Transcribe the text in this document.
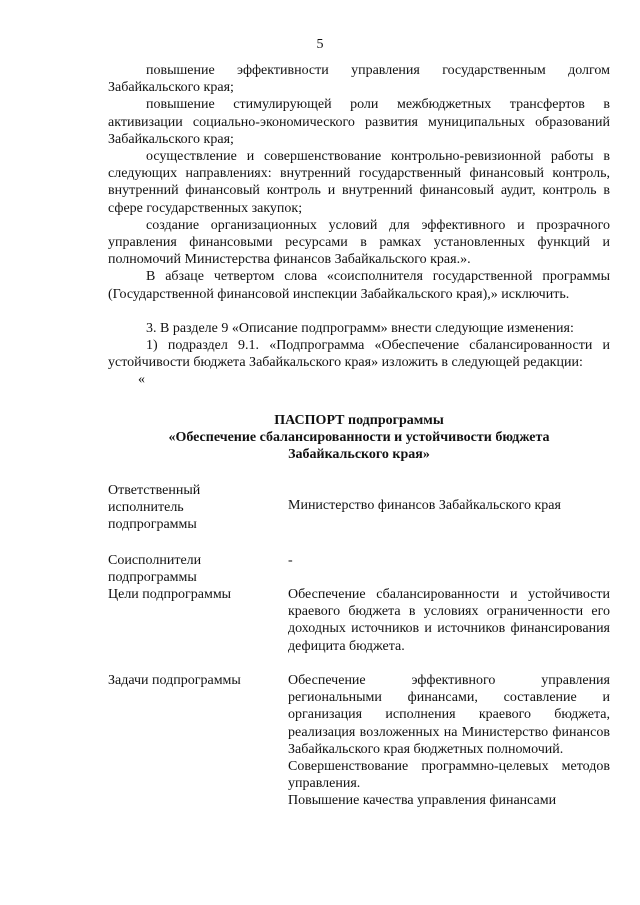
5

повышение эффективности управления государственным долгом Забайкальского края;

повышение стимулирующей роли межбюджетных трансфертов в активизации социально-экономического развития муниципальных образований Забайкальского края;

осуществление и совершенствование контрольно-ревизионной работы в следующих направлениях: внутренний государственный финансовый контроль, внутренний финансовый контроль и внутренний финансовый аудит, контроль в сфере государственных закупок;

создание организационных условий для эффективного и прозрачного управления финансовыми ресурсами в рамках установленных функций и полномочий Министерства финансов Забайкальского края.».

В абзаце четвертом слова «соисполнителя государственной программы (Государственной финансовой инспекции Забайкальского края),» исключить.

3. В разделе 9 «Описание подпрограмм» внести следующие изменения:

1) подраздел 9.1. «Подпрограмма «Обеспечение сбалансированности и устойчивости бюджета Забайкальского края» изложить в следующей редакции:

«

ПАСПОРТ подпрограммы

«Обеспечение сбалансированности и устойчивости бюджета

Забайкальского края»

Ответственный исполнитель подпрограммы
Министерство финансов Забайкальского края
Соисполнители подпрограммы
-
Цели подпрограммы	Обеспечение сбалансированности и устойчивости краевого бюджета в условиях ограниченности его доходных источников и источников финансирования дефицита бюджета.
Задачи подпрограммы	Обеспечение эффективного управления региональными финансами, составление и организация исполнения краевого бюджета, реализация возложенных на Министерство финансов Забайкальского края бюджетных полномочий.

Совершенствование программно-целевых методов управления.

Повышение качества управления финансами
